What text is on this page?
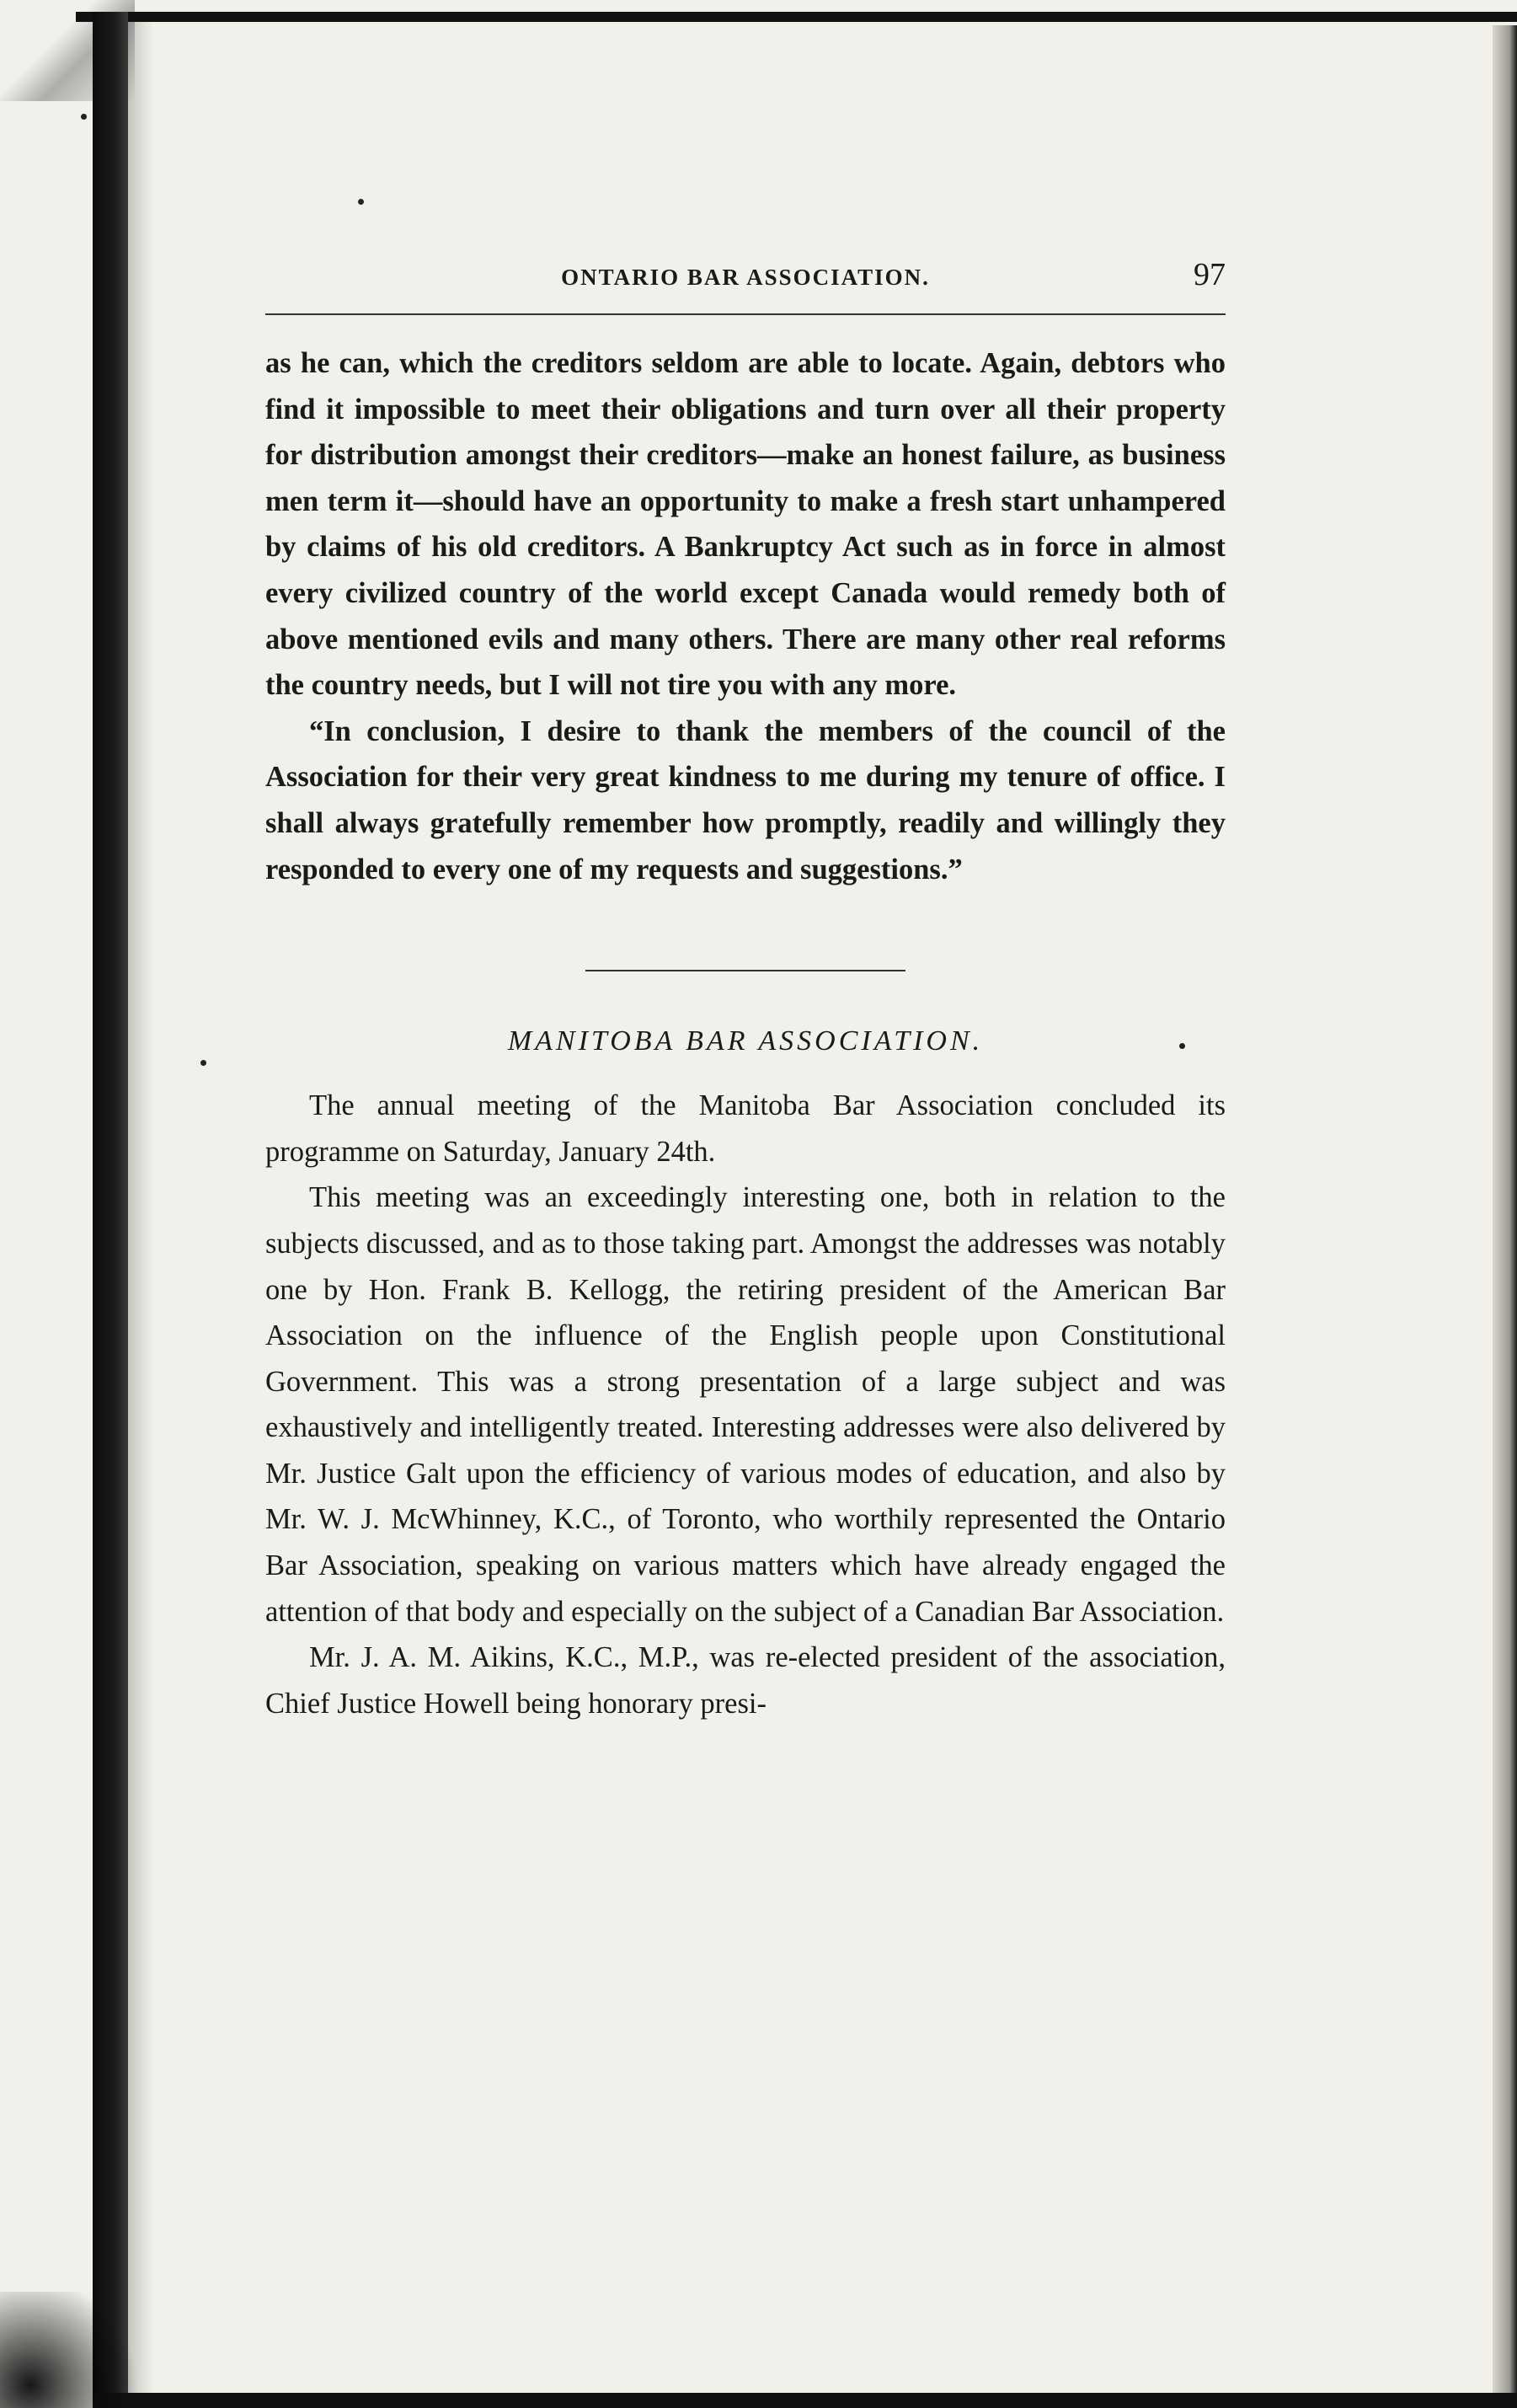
ONTARIO BAR ASSOCIATION.	97

as he can, which the creditors seldom are able to locate. Again, debtors who find it impossible to meet their obligations and turn over all their property for distribution amongst their creditors—make an honest failure, as business men term it—should have an opportunity to make a fresh start unhampered by claims of his old creditors. A Bankruptcy Act such as in force in almost every civilized country of the world except Canada would remedy both of above mentioned evils and many others. There are many other real reforms the country needs, but I will not tire you with any more.

“In conclusion, I desire to thank the members of the council of the Association for their very great kindness to me during my tenure of office. I shall always gratefully remember how promptly, readily and willingly they responded to every one of my requests and suggestions.”

MANITOBA BAR ASSOCIATION.

The annual meeting of the Manitoba Bar Association concluded its programme on Saturday, January 24th.

This meeting was an exceedingly interesting one, both in relation to the subjects discussed, and as to those taking part. Amongst the addresses was notably one by Hon. Frank B. Kellogg, the retiring president of the American Bar Association on the influence of the English people upon Constitutional Government. This was a strong presentation of a large subject and was exhaustively and intelligently treated. Interesting addresses were also delivered by Mr. Justice Galt upon the efficiency of various modes of education, and also by Mr. W. J. McWhinney, K.C., of Toronto, who worthily represented the Ontario Bar Association, speaking on various matters which have already engaged the attention of that body and especially on the subject of a Canadian Bar Association.

Mr. J. A. M. Aikins, K.C., M.P., was re-elected president of the association, Chief Justice Howell being honorary presi-
